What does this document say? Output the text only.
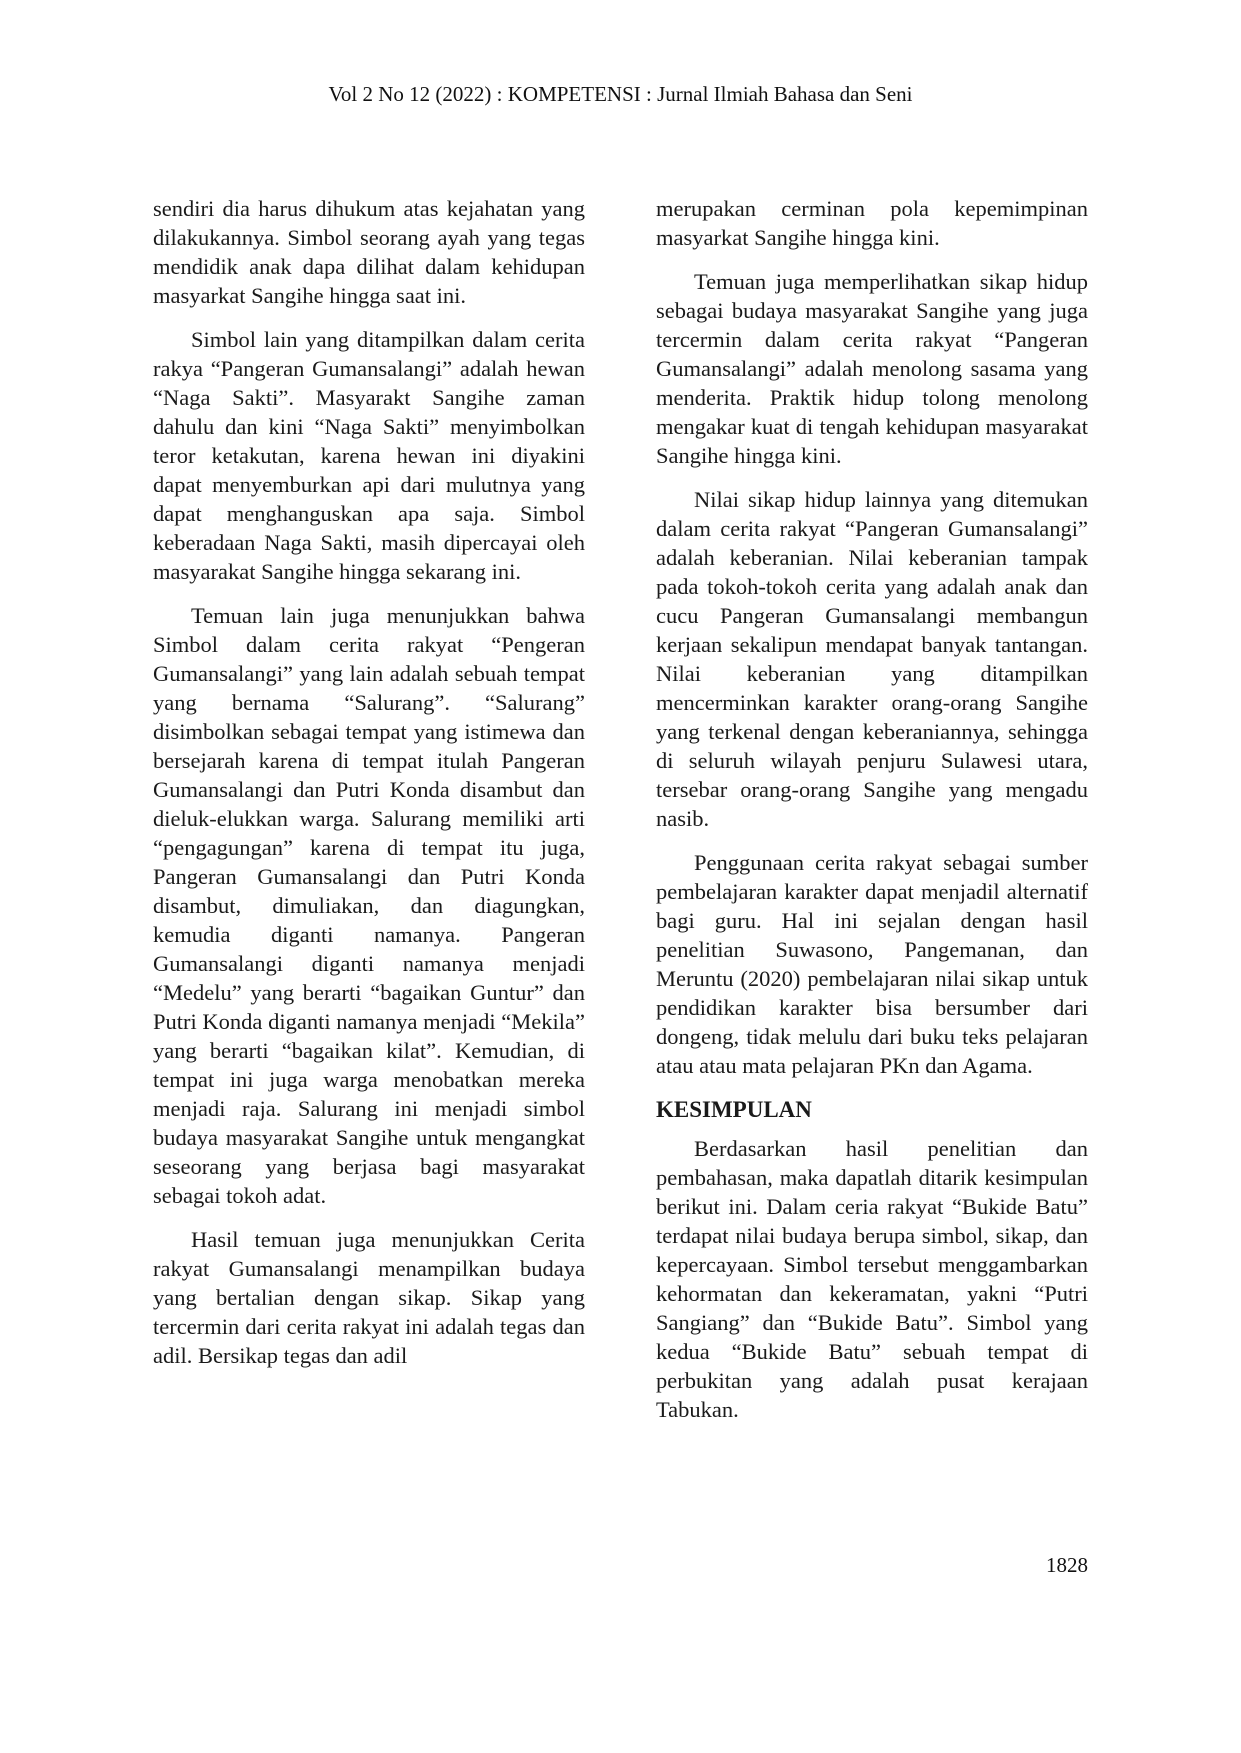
Vol 2 No 12 (2022) : KOMPETENSI : Jurnal Ilmiah Bahasa dan Seni

sendiri dia harus dihukum atas kejahatan yang dilakukannya. Simbol seorang ayah yang tegas mendidik anak dapa dilihat dalam kehidupan masyarkat Sangihe hingga saat ini.

Simbol lain yang ditampilkan dalam cerita rakya “Pangeran Gumansalangi” adalah hewan “Naga Sakti”. Masyarakt Sangihe zaman dahulu dan kini “Naga Sakti” menyimbolkan teror ketakutan, karena hewan ini diyakini dapat menyemburkan api dari mulutnya yang dapat menghanguskan apa saja. Simbol keberadaan Naga Sakti, masih dipercayai oleh masyarakat Sangihe hingga sekarang ini.

Temuan lain juga menunjukkan bahwa Simbol dalam cerita rakyat “Pengeran Gumansalangi” yang lain adalah sebuah tempat yang bernama “Salurang”. “Salurang” disimbolkan sebagai tempat yang istimewa dan bersejarah karena di tempat itulah Pangeran Gumansalangi dan Putri Konda disambut dan dieluk-elukkan warga. Salurang memiliki arti “pengagungan” karena di tempat itu juga, Pangeran Gumansalangi dan Putri Konda disambut, dimuliakan, dan diagungkan, kemudia diganti namanya. Pangeran Gumansalangi diganti namanya menjadi “Medelu” yang berarti “bagaikan Guntur” dan Putri Konda diganti namanya menjadi “Mekila” yang berarti “bagaikan kilat”. Kemudian, di tempat ini juga warga menobatkan mereka menjadi raja. Salurang ini menjadi simbol budaya masyarakat Sangihe untuk mengangkat seseorang yang berjasa bagi masyarakat sebagai tokoh adat.

Hasil temuan juga menunjukkan Cerita rakyat Gumansalangi menampilkan budaya yang bertalian dengan sikap. Sikap yang tercermin dari cerita rakyat ini adalah tegas dan adil. Bersikap tegas dan adil

merupakan cerminan pola kepemimpinan masyarkat Sangihe hingga kini.

Temuan juga memperlihatkan sikap hidup sebagai budaya masyarakat Sangihe yang juga tercermin dalam cerita rakyat “Pangeran Gumansalangi” adalah menolong sasama yang menderita. Praktik hidup tolong menolong mengakar kuat di tengah kehidupan masyarakat Sangihe hingga kini.

Nilai sikap hidup lainnya yang ditemukan dalam cerita rakyat “Pangeran Gumansalangi” adalah keberanian. Nilai keberanian tampak pada tokoh-tokoh cerita yang adalah anak dan cucu Pangeran Gumansalangi membangun kerjaan sekalipun mendapat banyak tantangan. Nilai keberanian yang ditampilkan mencerminkan karakter orang-orang Sangihe yang terkenal dengan keberaniannya, sehingga di seluruh wilayah penjuru Sulawesi utara, tersebar orang-orang Sangihe yang mengadu nasib.

Penggunaan cerita rakyat sebagai sumber pembelajaran karakter dapat menjadil alternatif bagi guru. Hal ini sejalan dengan hasil penelitian Suwasono, Pangemanan, dan Meruntu (2020) pembelajaran nilai sikap untuk pendidikan karakter bisa bersumber dari dongeng, tidak melulu dari buku teks pelajaran atau atau mata pelajaran PKn dan Agama.

KESIMPULAN

Berdasarkan hasil penelitian dan pembahasan, maka dapatlah ditarik kesimpulan berikut ini. Dalam ceria rakyat “Bukide Batu” terdapat nilai budaya berupa simbol, sikap, dan kepercayaan. Simbol tersebut menggambarkan kehormatan dan kekeramatan, yakni “Putri Sangiang” dan “Bukide Batu”. Simbol yang kedua “Bukide Batu” sebuah tempat di perbukitan yang adalah pusat kerajaan Tabukan.

1828
